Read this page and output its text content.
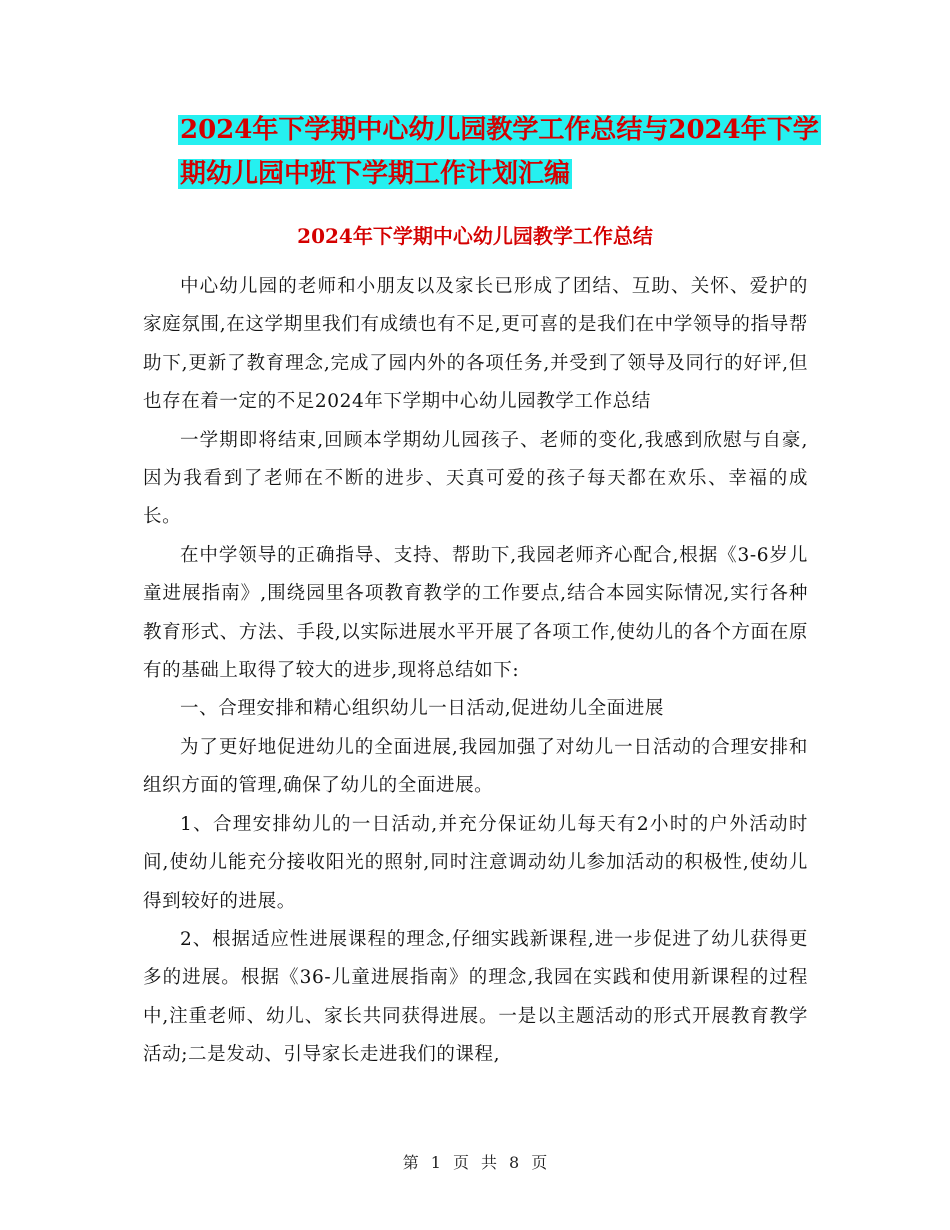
2024年下学期中心幼儿园教学工作总结与2024年下学
期幼儿园中班下学期工作计划汇编
2024年下学期中心幼儿园教学工作总结

中心幼儿园的老师和小朋友以及家长已形成了团结、互助、关怀、爱护的家庭氛围,在这学期里我们有成绩也有不足,更可喜的是我们在中学领导的指导帮助下,更新了教育理念,完成了园内外的各项任务,并受到了领导及同行的好评,但也存在着一定的不足2024年下学期中心幼儿园教学工作总结

一学期即将结束,回顾本学期幼儿园孩子、老师的变化,我感到欣慰与自豪,因为我看到了老师在不断的进步、天真可爱的孩子每天都在欢乐、幸福的成长。

在中学领导的正确指导、支持、帮助下,我园老师齐心配合,根据《3-6岁儿童进展指南》,围绕园里各项教育教学的工作要点,结合本园实际情况,实行各种教育形式、方法、手段,以实际进展水平开展了各项工作,使幼儿的各个方面在原有的基础上取得了较大的进步,现将总结如下:

一、合理安排和精心组织幼儿一日活动,促进幼儿全面进展

为了更好地促进幼儿的全面进展,我园加强了对幼儿一日活动的合理安排和组织方面的管理,确保了幼儿的全面进展。

1、合理安排幼儿的一日活动,并充分保证幼儿每天有2小时的户外活动时间,使幼儿能充分接收阳光的照射,同时注意调动幼儿参加活动的积极性,使幼儿得到较好的进展。

2、根据适应性进展课程的理念,仔细实践新课程,进一步促进了幼儿获得更多的进展。根据《36-儿童进展指南》的理念,我园在实践和使用新课程的过程中,注重老师、幼儿、家长共同获得进展。一是以主题活动的形式开展教育教学活动;二是发动、引导家长走进我们的课程,

第 1 页 共 8 页
